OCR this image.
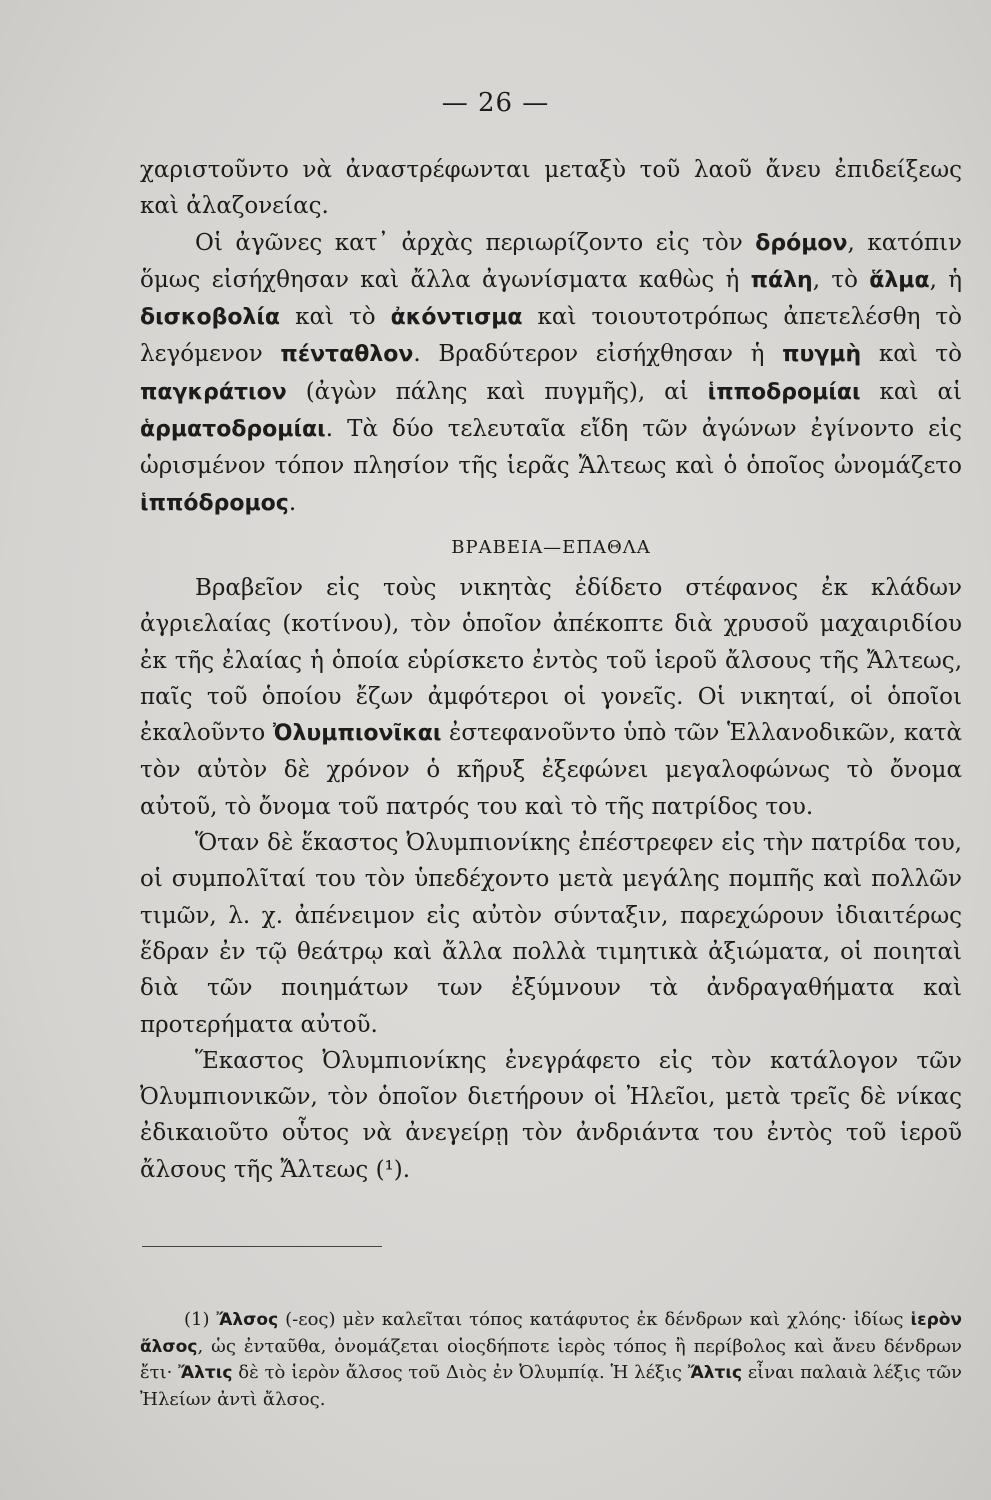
— 26 —

χαριστοῦντο νὰ ἀναστρέφωνται μεταξὺ τοῦ λαοῦ ἄνευ ἐπιδείξεως καὶ ἀλαζονείας.

Οἱ ἀγῶνες κατ᾿ ἀρχὰς περιωρίζοντο εἰς τὸν δρόμον, κατόπιν ὅμως εἰσήχθησαν καὶ ἄλλα ἀγωνίσματα καθὼς ἡ πάλη, τὸ ἅλμα, ἡ δισκοβολία καὶ τὸ ἀκόντισμα καὶ τοιουτοτρόπως ἀπετελέσθη τὸ λεγόμενον πένταθλον. Βραδύτερον εἰσήχθησαν ἡ πυγμὴ καὶ τὸ παγκράτιον (ἀγὼν πάλης καὶ πυγμῆς), αἱ ἱπποδρομίαι καὶ αἱ ἁρματοδρομίαι. Τὰ δύο τελευταῖα εἴδη τῶν ἀγώνων ἐγίνοντο εἰς ὡρισμένον τόπον πλησίον τῆς ἱερᾶς Ἄλτεως καὶ ὁ ὁποῖος ὠνομάζετο ἱππόδρομος.

ΒΡΑΒΕΙΑ—ΕΠΑΘΛΑ

Βραβεῖον εἰς τοὺς νικητὰς ἐδίδετο στέφανος ἐκ κλάδων ἀγριελαίας (κοτίνου), τὸν ὁποῖον ἀπέκοπτε διὰ χρυσοῦ μαχαιριδίου ἐκ τῆς ἐλαίας ἡ ὁποία εὑρίσκετο ἐντὸς τοῦ ἱεροῦ ἄλσους τῆς Ἄλτεως, παῖς τοῦ ὁποίου ἔζων ἀμφότεροι οἱ γονεῖς. Οἱ νικηταί, οἱ ὁποῖοι ἐκαλοῦντο Ὀλυμπιονῖκαι ἐστεφανοῦντο ὑπὸ τῶν Ἑλλανοδικῶν, κατὰ τὸν αὐτὸν δὲ χρόνον ὁ κῆρυξ ἐξεφώνει μεγαλοφώνως τὸ ὄνομα αὐτοῦ, τὸ ὄνομα τοῦ πατρός του καὶ τὸ τῆς πατρίδος του.

Ὅταν δὲ ἕκαστος Ὀλυμπιονίκης ἐπέστρεφεν εἰς τὴν πατρίδα του, οἱ συμπολῖταί του τὸν ὑπεδέχοντο μετὰ μεγάλης πομπῆς καὶ πολλῶν τιμῶν, λ. χ. ἀπένειμον εἰς αὐτὸν σύνταξιν, παρεχώρουν ἰδιαιτέρως ἕδραν ἐν τῷ θεάτρῳ καὶ ἄλλα πολλὰ τιμητικὰ ἀξιώματα, οἱ ποιηταὶ διὰ τῶν ποιημάτων των ἐξύμνουν τὰ ἀνδραγαθήματα καὶ προτερήματα αὐτοῦ.

Ἕκαστος Ὀλυμπιονίκης ἐνεγράφετο εἰς τὸν κατάλογον τῶν Ὀλυμπιονικῶν, τὸν ὁποῖον διετήρουν οἱ Ἠλεῖοι, μετὰ τρεῖς δὲ νίκας ἐδικαιοῦτο οὗτος νὰ ἀνεγείρῃ τὸν ἀνδριάντα του ἐντὸς τοῦ ἱεροῦ ἄλσους τῆς Ἄλτεως (¹).

(1) Ἄλσος (-εος) μὲν καλεῖται τόπος κατάφυτος ἐκ δένδρων καὶ χλόης· ἰδίως ἱερὸν ἄλσος, ὡς ἐνταῦθα, ὀνομάζεται οἱοςδήποτε ἱερὸς τόπος ἢ περίβολος καὶ ἄνευ δένδρων ἔτι· Ἄλτις δὲ τὸ ἱερὸν ἄλσος τοῦ Διὸς ἐν Ὀλυμπίᾳ. Ἡ λέξις Ἄλτις εἶναι παλαιὰ λέξις τῶν Ἠλείων ἀντὶ ἄλσος.
